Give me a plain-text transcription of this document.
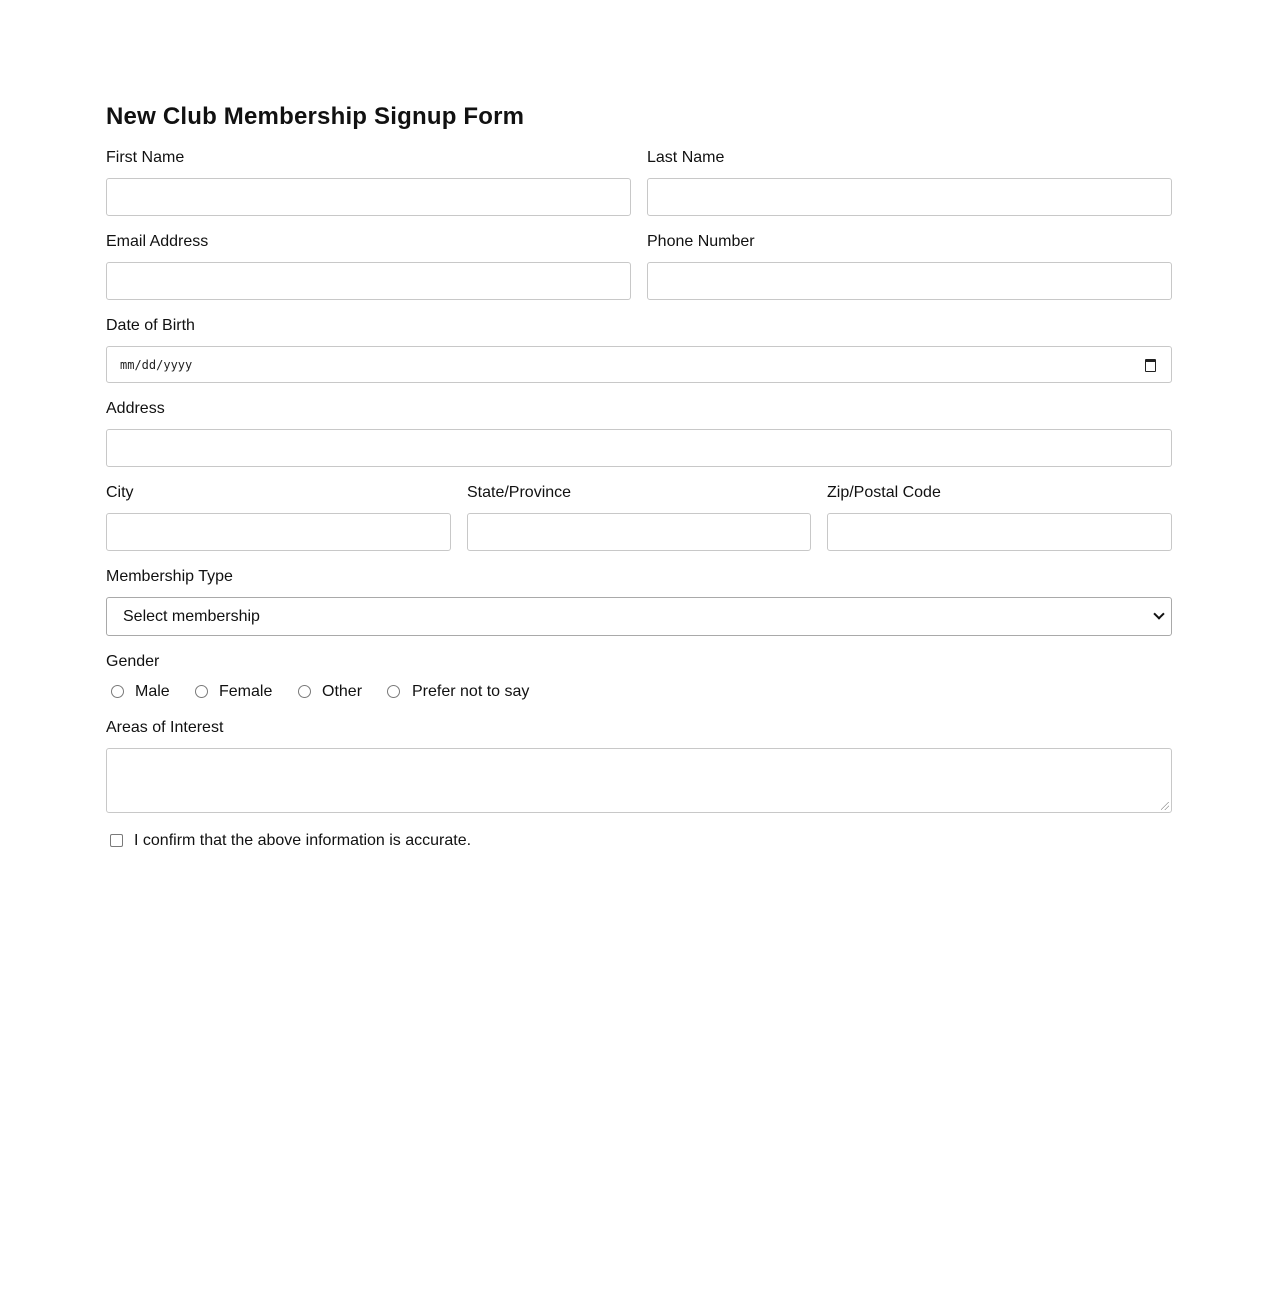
New Club Membership Signup Form
First Name	Last Name
Email Address	Phone Number
Date of Birth
mm/dd/yyyy
Address
City	State/Province	Zip/Postal Code
Membership Type
Select membership
Gender
Male	Female	Other	Prefer not to say
Areas of Interest
I confirm that the above information is accurate.
